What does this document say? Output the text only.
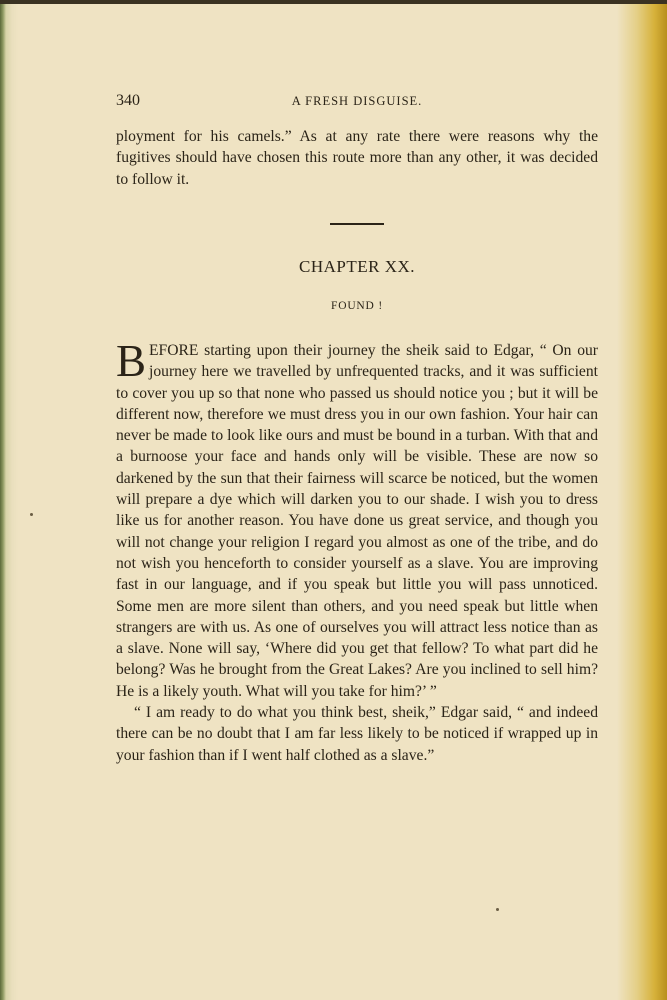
340	A FRESH DISGUISE.

ployment for his camels.” As at any rate there were reasons why the fugitives should have chosen this route more than any other, it was decided to follow it.

CHAPTER XX.
FOUND !

BEFORE starting upon their journey the sheik said to Edgar, “ On our journey here we travelled by unfrequented tracks, and it was sufficient to cover you up so that none who passed us should notice you ; but it will be different now, therefore we must dress you in our own fashion. Your hair can never be made to look like ours and must be bound in a turban. With that and a burnoose your face and hands only will be visible. These are now so darkened by the sun that their fairness will scarce be noticed, but the women will prepare a dye which will darken you to our shade. I wish you to dress like us for another reason. You have done us great service, and though you will not change your religion I regard you almost as one of the tribe, and do not wish you henceforth to consider yourself as a slave. You are improving fast in our language, and if you speak but little you will pass unnoticed. Some men are more silent than others, and you need speak but little when strangers are with us. As one of ourselves you will attract less notice than as a slave. None will say, ‘Where did you get that fellow? To what part did he belong? Was he brought from the Great Lakes? Are you inclined to sell him? He is a likely youth. What will you take for him?’ ”

“ I am ready to do what you think best, sheik,” Edgar said, “ and indeed there can be no doubt that I am far less likely to be noticed if wrapped up in your fashion than if I went half clothed as a slave.”
